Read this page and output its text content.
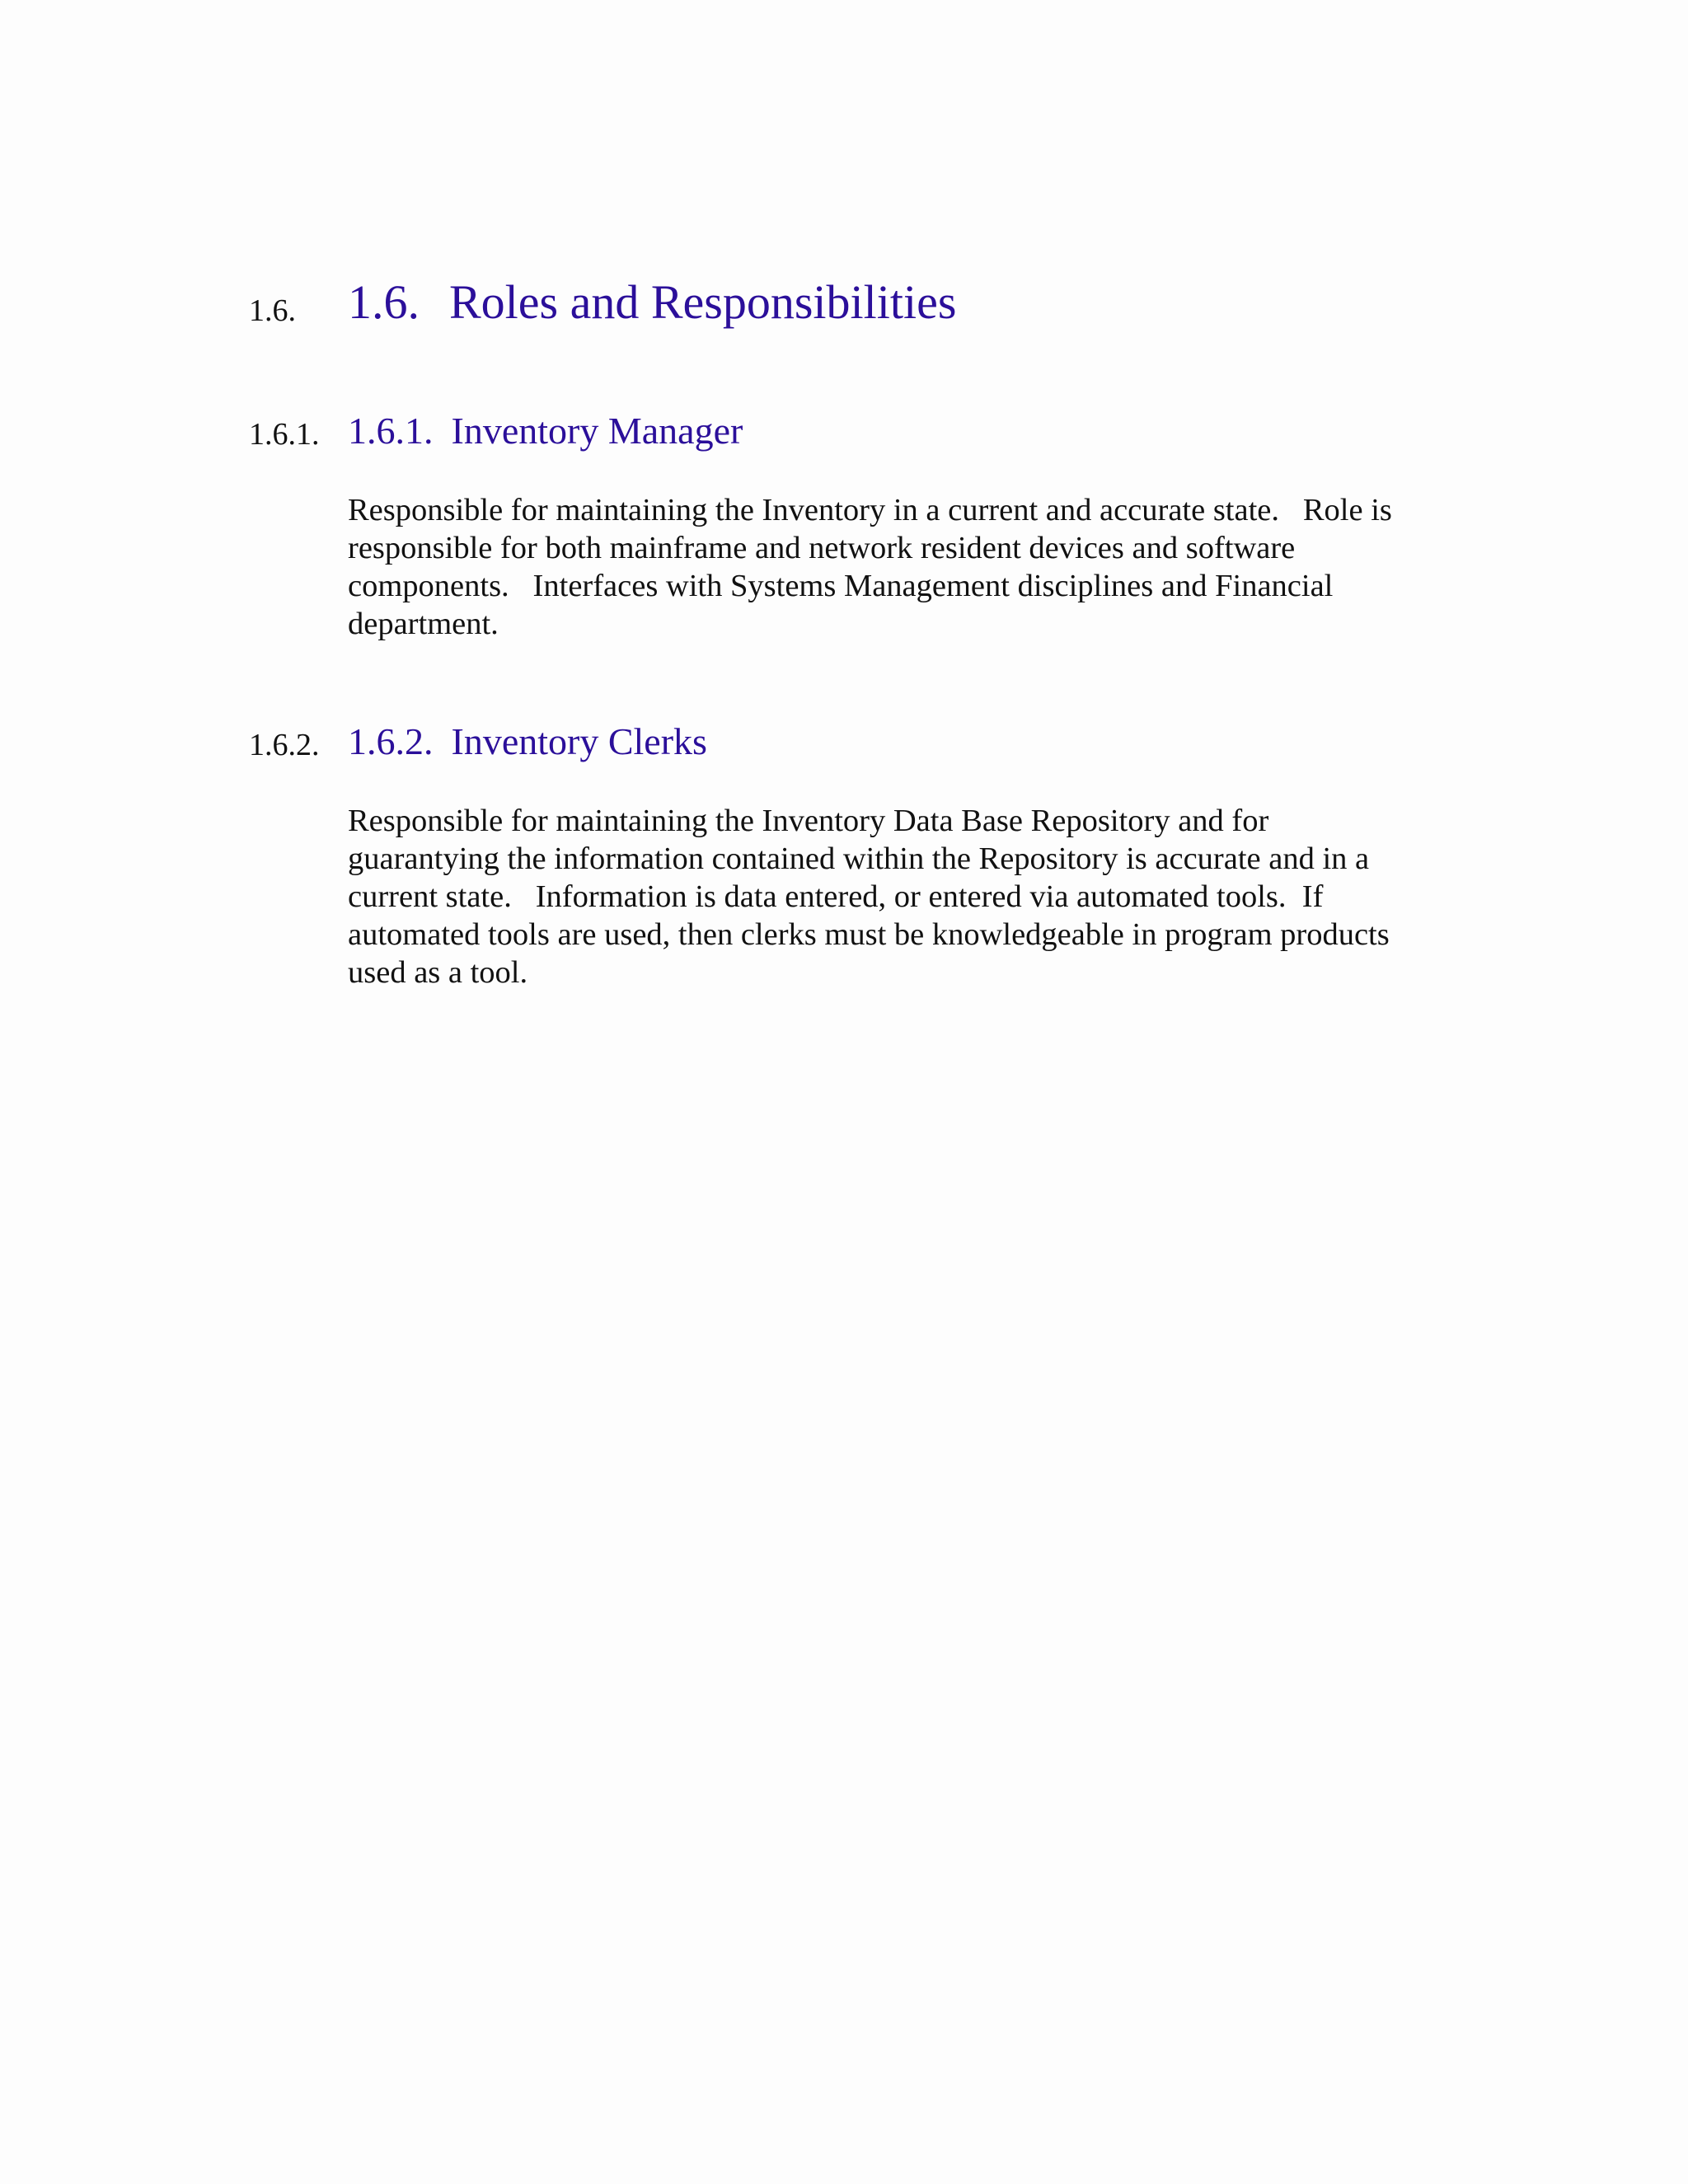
1.6. 1.6. Roles and Responsibilities
1.6.1. 1.6.1. Inventory Manager

Responsible for maintaining the Inventory in a current and accurate state.   Role is
responsible for both mainframe and network resident devices and software
components.   Interfaces with Systems Management disciplines and Financial
department.

1.6.2. 1.6.2. Inventory Clerks

Responsible for maintaining the Inventory Data Base Repository and for
guarantying the information contained within the Repository is accurate and in a
current state.   Information is data entered, or entered via automated tools.  If
automated tools are used, then clerks must be knowledgeable in program products
used as a tool.
